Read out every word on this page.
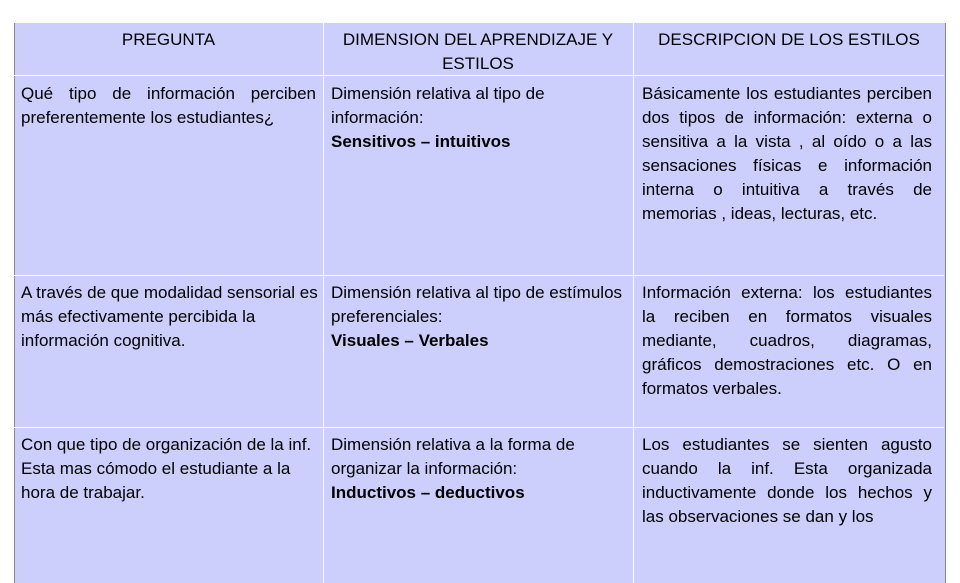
PREGUNTA	DIMENSION DEL APRENDIZAJE Y ESTILOS
DESCRIPCION DE LOS ESTILOS
Qué tipo de información perciben preferentemente los estudiantes¿
Dimensión relativa al tipo de información:
Sensitivos – intuitivos
Básicamente los estudiantes perciben dos tipos de información: externa o sensitiva a la vista , al oído o a las sensaciones físicas e información interna o intuitiva a través de memorias , ideas, lecturas, etc.
A través de que modalidad sensorial es más efectivamente percibida la información cognitiva.
Dimensión relativa al tipo de estímulos preferenciales:
Visuales – Verbales
Información externa: los estudiantes la reciben en formatos visuales mediante, cuadros, diagramas, gráficos demostraciones etc. O en formatos verbales.
Con que tipo de organización de la inf. Esta mas cómodo el estudiante a la hora de trabajar.
Dimensión relativa a la forma de organizar la información:
Inductivos – deductivos
Los estudiantes se sienten agusto cuando la inf. Esta organizada inductivamente donde los hechos y las observaciones se dan y los
